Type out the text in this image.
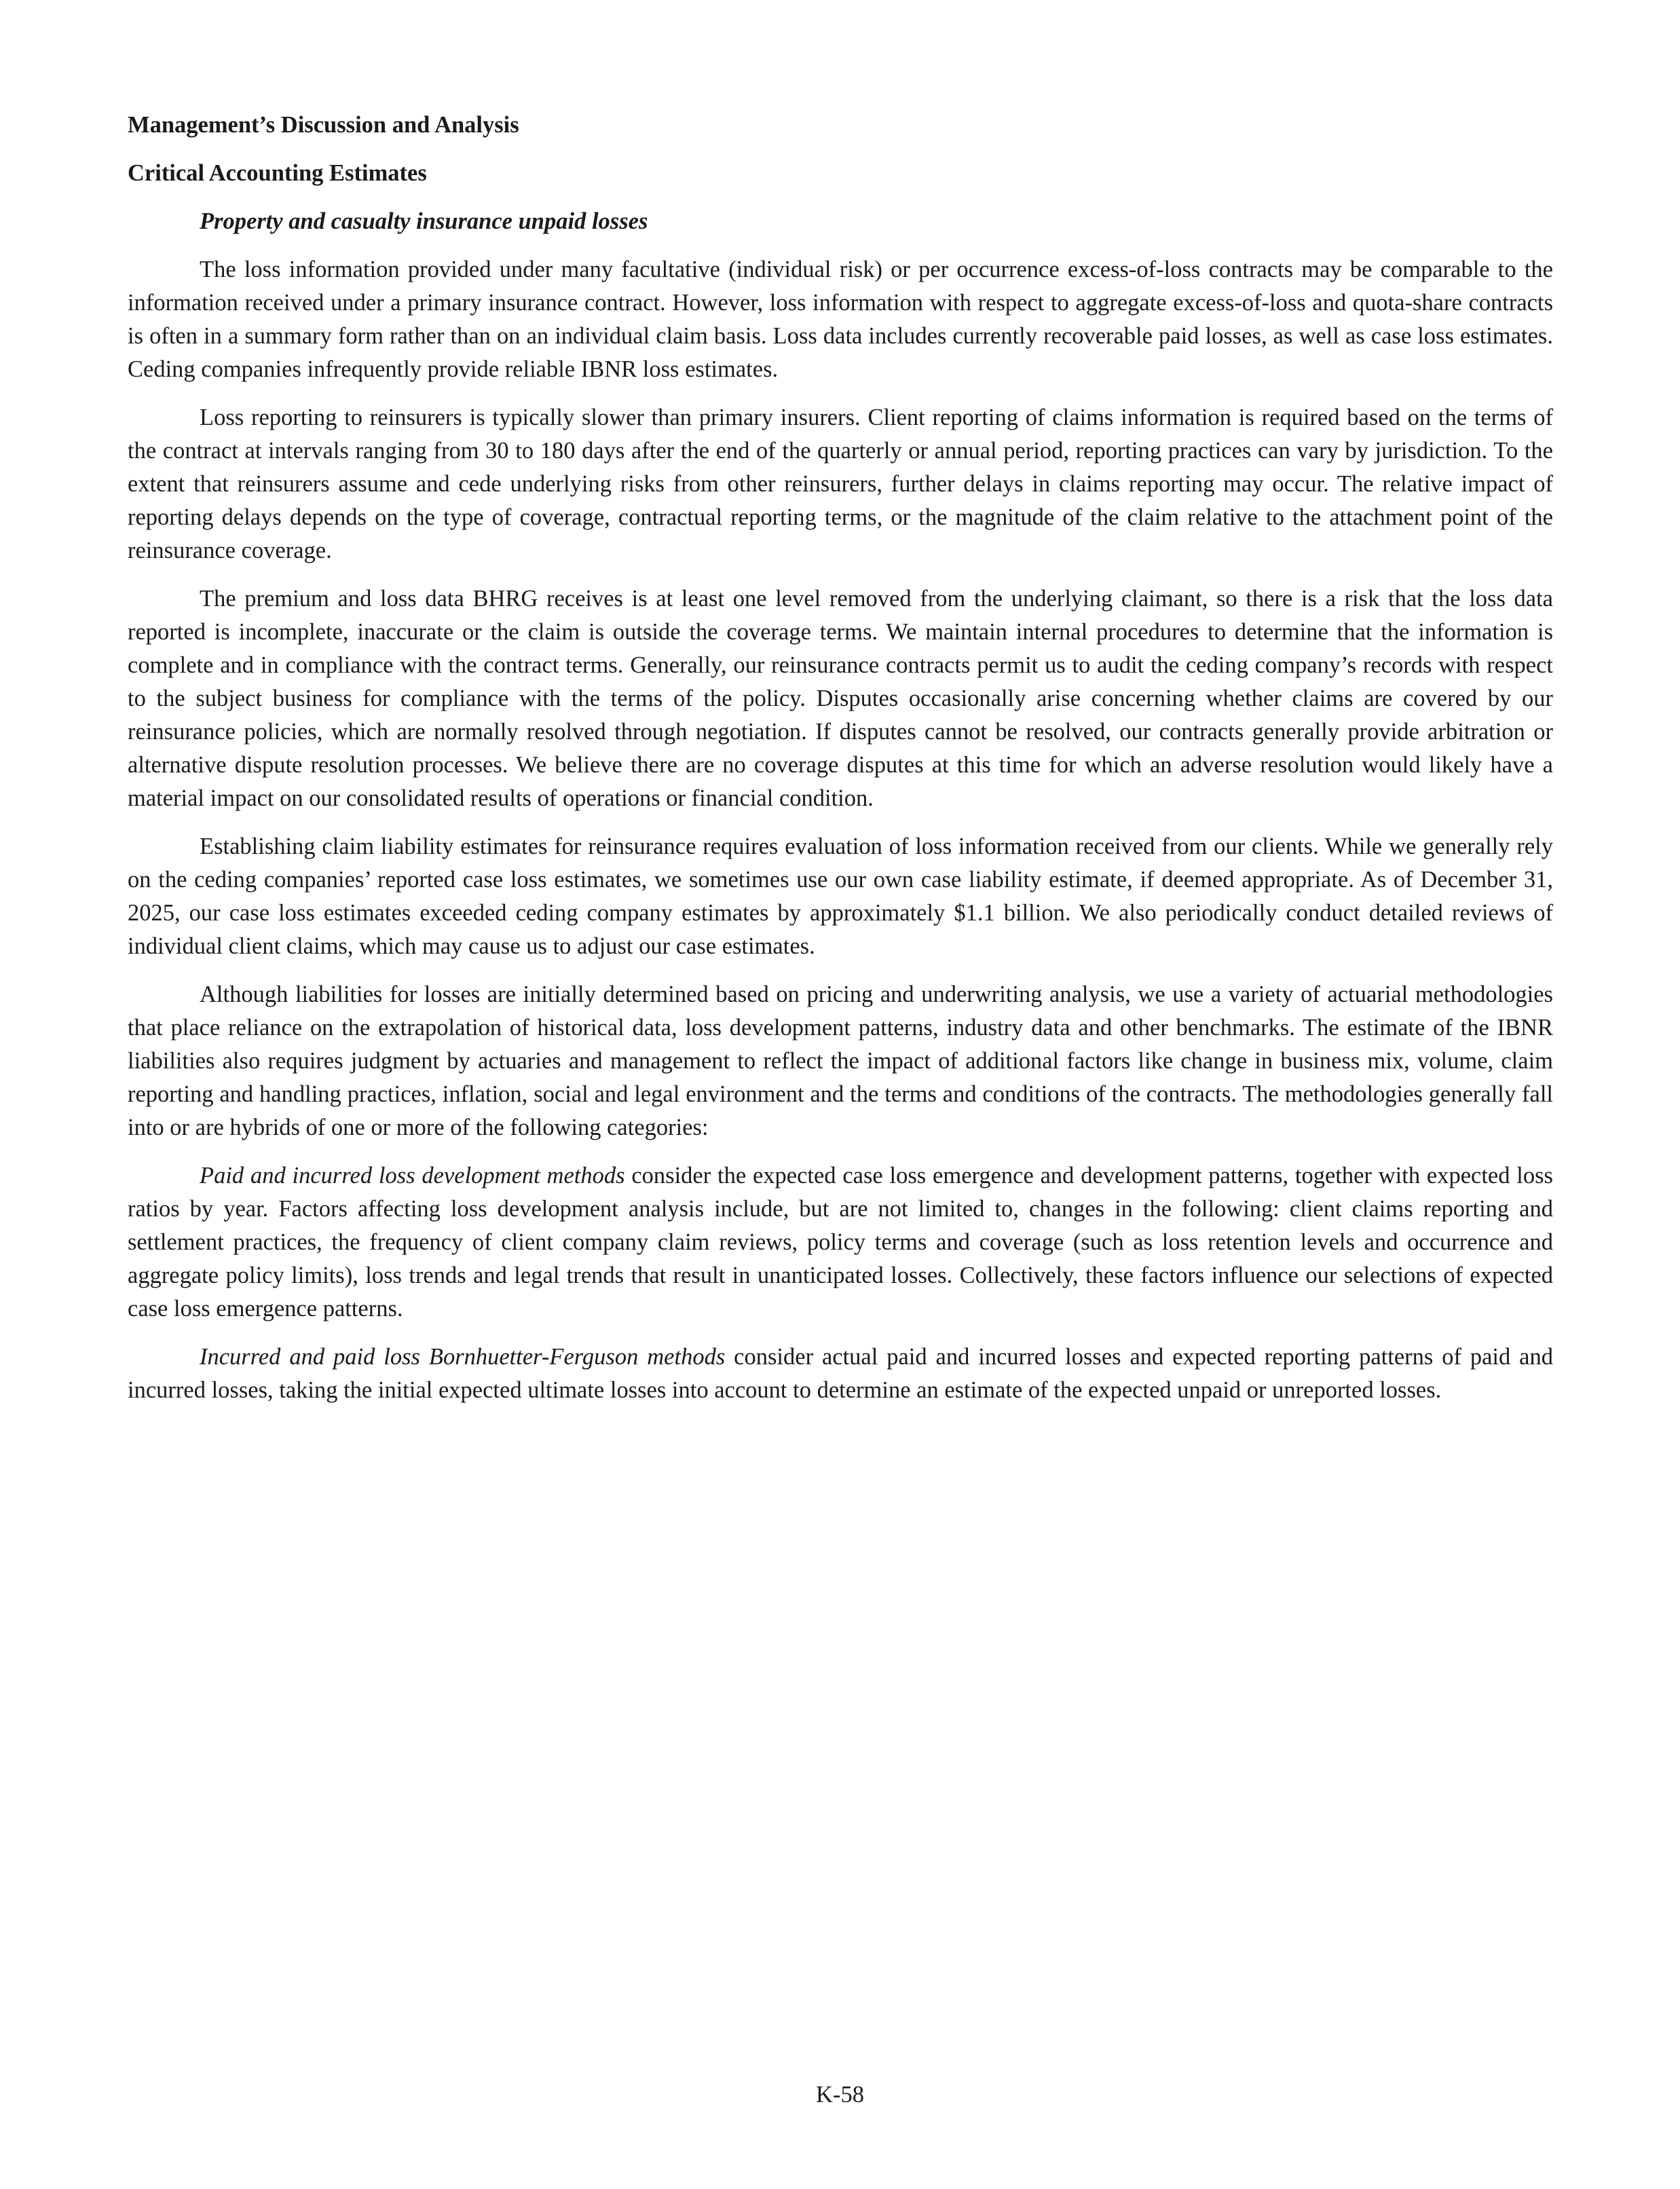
Management’s Discussion and Analysis
Critical Accounting Estimates
Property and casualty insurance unpaid losses

The loss information provided under many facultative (individual risk) or per occurrence excess-of-loss contracts may be comparable to the information received under a primary insurance contract. However, loss information with respect to aggregate excess-of-loss and quota-share contracts is often in a summary form rather than on an individual claim basis. Loss data includes currently recoverable paid losses, as well as case loss estimates. Ceding companies infrequently provide reliable IBNR loss estimates.

Loss reporting to reinsurers is typically slower than primary insurers. Client reporting of claims information is required based on the terms of the contract at intervals ranging from 30 to 180 days after the end of the quarterly or annual period, reporting practices can vary by jurisdiction. To the extent that reinsurers assume and cede underlying risks from other reinsurers, further delays in claims reporting may occur. The relative impact of reporting delays depends on the type of coverage, contractual reporting terms, or the magnitude of the claim relative to the attachment point of the reinsurance coverage.

The premium and loss data BHRG receives is at least one level removed from the underlying claimant, so there is a risk that the loss data reported is incomplete, inaccurate or the claim is outside the coverage terms. We maintain internal procedures to determine that the information is complete and in compliance with the contract terms. Generally, our reinsurance contracts permit us to audit the ceding company’s records with respect to the subject business for compliance with the terms of the policy. Disputes occasionally arise concerning whether claims are covered by our reinsurance policies, which are normally resolved through negotiation. If disputes cannot be resolved, our contracts generally provide arbitration or alternative dispute resolution processes. We believe there are no coverage disputes at this time for which an adverse resolution would likely have a material impact on our consolidated results of operations or financial condition.

Establishing claim liability estimates for reinsurance requires evaluation of loss information received from our clients. While we generally rely on the ceding companies’ reported case loss estimates, we sometimes use our own case liability estimate, if deemed appropriate. As of December 31, 2025, our case loss estimates exceeded ceding company estimates by approximately $1.1 billion. We also periodically conduct detailed reviews of individual client claims, which may cause us to adjust our case estimates.

Although liabilities for losses are initially determined based on pricing and underwriting analysis, we use a variety of actuarial methodologies that place reliance on the extrapolation of historical data, loss development patterns, industry data and other benchmarks. The estimate of the IBNR liabilities also requires judgment by actuaries and management to reflect the impact of additional factors like change in business mix, volume, claim reporting and handling practices, inflation, social and legal environment and the terms and conditions of the contracts. The methodologies generally fall into or are hybrids of one or more of the following categories:

Paid and incurred loss development methods consider the expected case loss emergence and development patterns, together with expected loss ratios by year. Factors affecting loss development analysis include, but are not limited to, changes in the following: client claims reporting and settlement practices, the frequency of client company claim reviews, policy terms and coverage (such as loss retention levels and occurrence and aggregate policy limits), loss trends and legal trends that result in unanticipated losses. Collectively, these factors influence our selections of expected case loss emergence patterns.

Incurred and paid loss Bornhuetter-Ferguson methods consider actual paid and incurred losses and expected reporting patterns of paid and incurred losses, taking the initial expected ultimate losses into account to determine an estimate of the expected unpaid or unreported losses.

K-58
